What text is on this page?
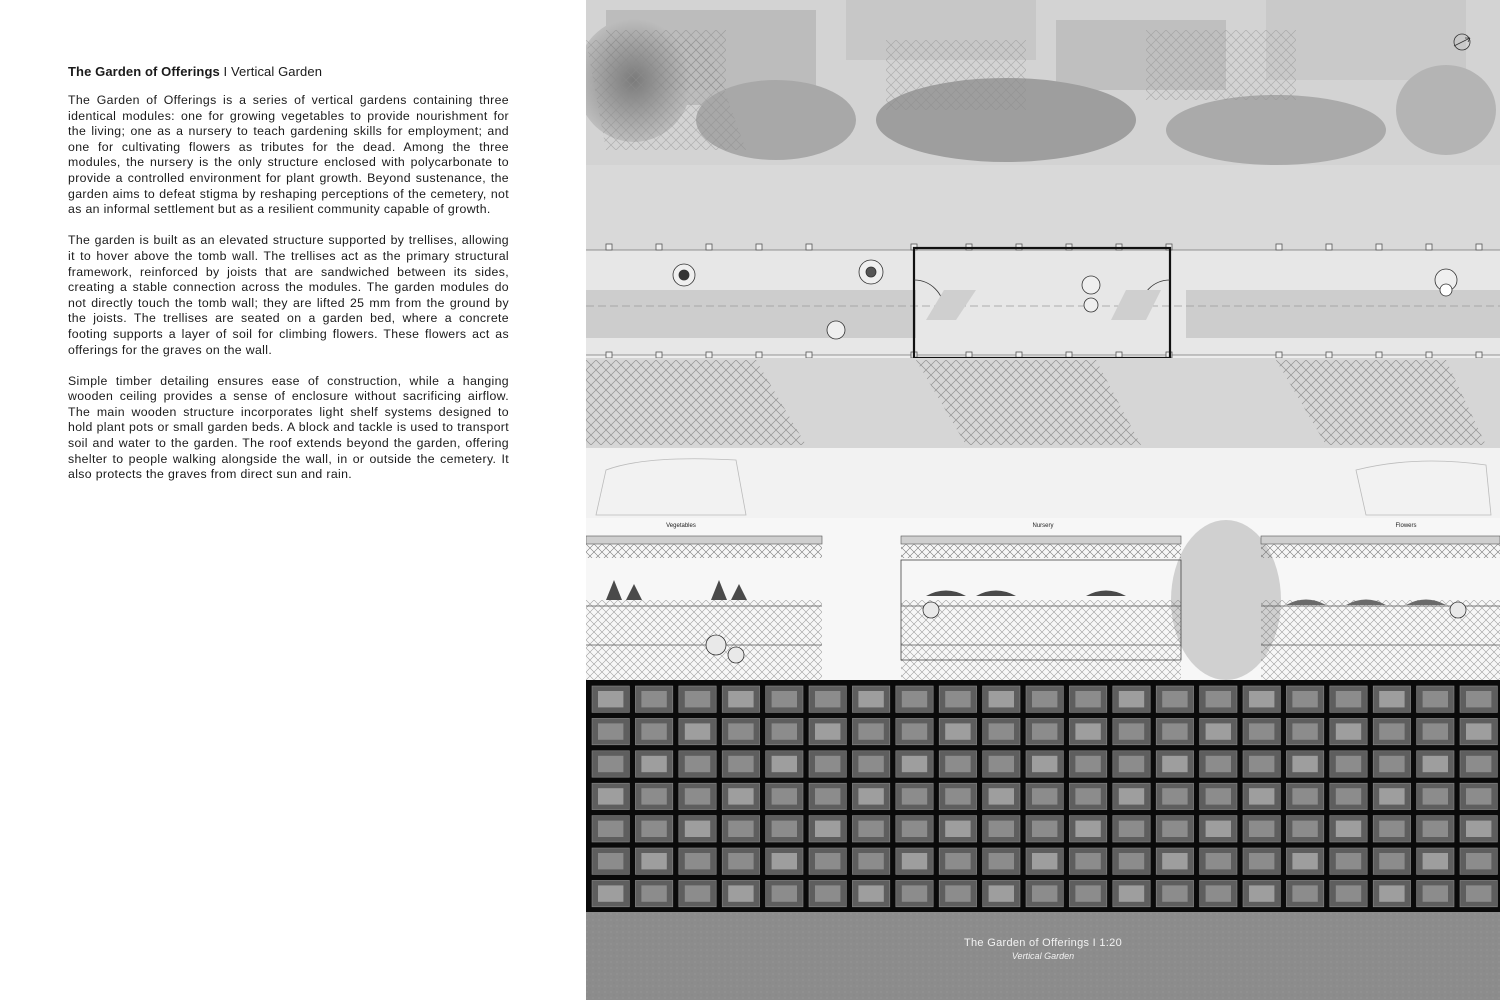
The Garden of Offerings I Vertical Garden

The Garden of Offerings is a series of vertical gardens containing three identical modules: one for growing vegetables to provide nourishment for the living; one as a nursery to teach gardening skills for employment; and one for cultivating flowers as tributes for the dead. Among the three modules, the nursery is the only structure enclosed with polycarbonate to provide a controlled environment for plant growth. Beyond sustenance, the garden aims to defeat stigma by reshaping perceptions of the cemetery, not as an informal settlement but as a resilient community capable of growth.

The garden is built as an elevated structure supported by trellises, allowing it to hover above the tomb wall. The trellises act as the primary structural framework, reinforced by joists that are sandwiched between its sides, creating a stable connection across the modules. The garden modules do not directly touch the tomb wall; they are lifted 25 mm from the ground by the joists. The trellises are seated on a garden bed, where a concrete footing supports a layer of soil for climbing flowers. These flowers act as offerings for the graves on the wall.

Simple timber detailing ensures ease of construction, while a hanging wooden ceiling provides a sense of enclosure without sacrificing airflow. The main wooden structure incorporates light shelf systems designed to hold plant pots or small garden beds. A block and tackle is used to transport soil and water to the garden. The roof extends beyond the garden, offering shelter to people walking alongside the wall, in or outside the cemetery. It also protects the graves from direct sun and rain.

Vegetables	Nursery	Flowers
The Garden of Offerings I 1:20
Vertical Garden
